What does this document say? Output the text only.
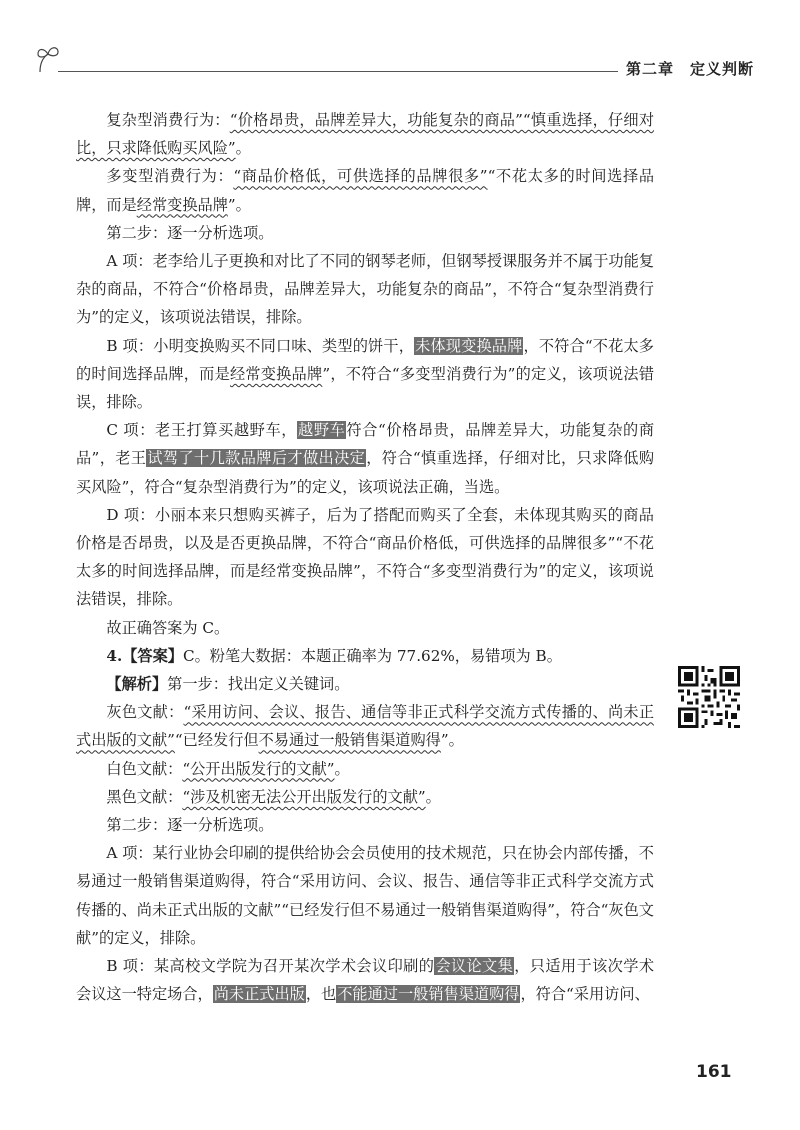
第二章 定义判断

复杂型消费行为：“价格昂贵，品牌差异大，功能复杂的商品”“慎重选择，仔细对比，只求降低购买风险”。

多变型消费行为：“商品价格低，可供选择的品牌很多”“不花太多的时间选择品牌，而是经常变换品牌”。

第二步：逐一分析选项。

A 项：老李给儿子更换和对比了不同的钢琴老师，但钢琴授课服务并不属于功能复杂的商品，不符合“价格昂贵，品牌差异大，功能复杂的商品”，不符合“复杂型消费行为”的定义，该项说法错误，排除。

B 项：小明变换购买不同口味、类型的饼干，未体现变换品牌，不符合“不花太多的时间选择品牌，而是经常变换品牌”，不符合“多变型消费行为”的定义，该项说法错误，排除。

C 项：老王打算买越野车，越野车符合“价格昂贵，品牌差异大，功能复杂的商品”，老王试驾了十几款品牌后才做出决定，符合“慎重选择，仔细对比，只求降低购买风险”，符合“复杂型消费行为”的定义，该项说法正确，当选。

D 项：小丽本来只想购买裤子，后为了搭配而购买了全套，未体现其购买的商品价格是否昂贵，以及是否更换品牌，不符合“商品价格低，可供选择的品牌很多”“不花太多的时间选择品牌，而是经常变换品牌”，不符合“多变型消费行为”的定义，该项说法错误，排除。

故正确答案为 C。

4.【答案】C。粉笔大数据：本题正确率为 77.62%，易错项为 B。

【解析】第一步：找出定义关键词。

灰色文献：“采用访问、会议、报告、通信等非正式科学交流方式传播的、尚未正式出版的文献”“已经发行但不易通过一般销售渠道购得”。

白色文献：“公开出版发行的文献”。

黑色文献：“涉及机密无法公开出版发行的文献”。

第二步：逐一分析选项。

A 项：某行业协会印刷的提供给协会会员使用的技术规范，只在协会内部传播，不易通过一般销售渠道购得，符合“采用访问、会议、报告、通信等非正式科学交流方式传播的、尚未正式出版的文献”“已经发行但不易通过一般销售渠道购得”，符合“灰色文献”的定义，排除。

B 项：某高校文学院为召开某次学术会议印刷的会议论文集，只适用于该次学术会议这一特定场合，尚未正式出版，也不能通过一般销售渠道购得，符合“采用访问、

161
